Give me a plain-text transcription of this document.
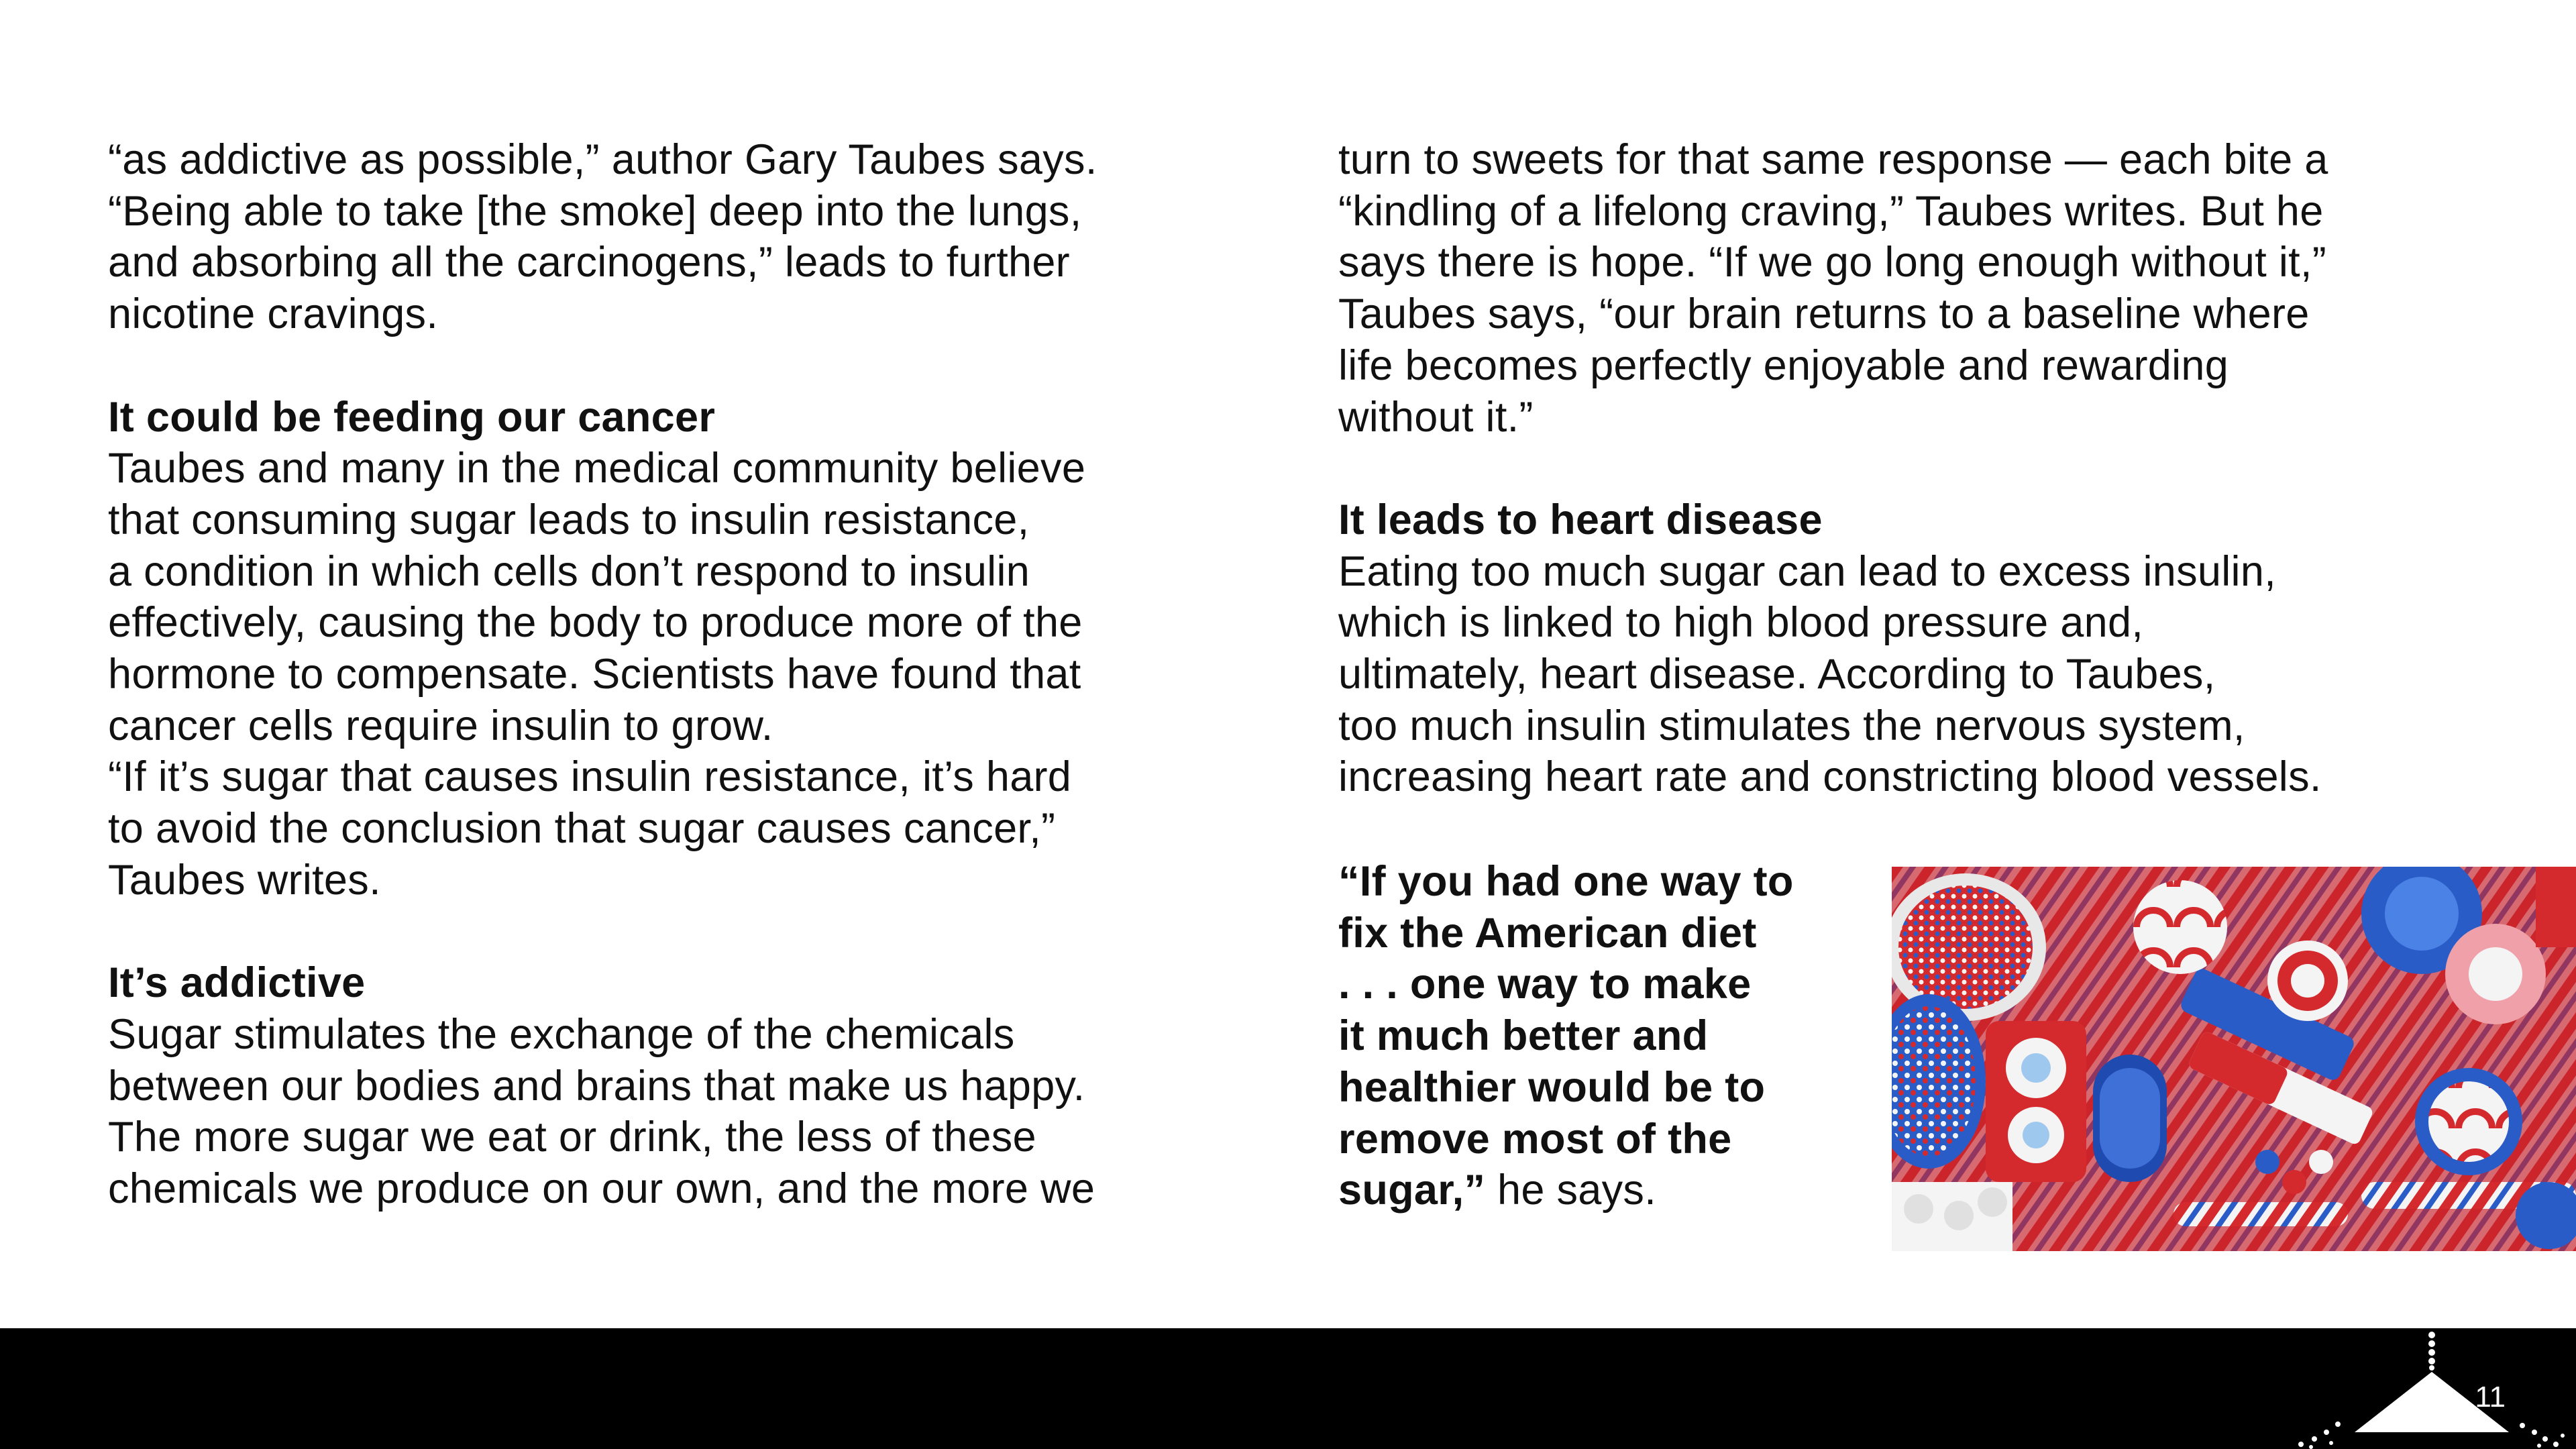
“as addictive as possible,” author Gary Taubes says.
“Being able to take [the smoke] deep into the lungs,
and absorbing all the carcinogens,” leads to further
nicotine cravings.
It could be feeding our cancer
Taubes and many in the medical community believe
that consuming sugar leads to insulin resistance,
a condition in which cells don’t respond to insulin
effectively, causing the body to produce more of the
hormone to compensate. Scientists have found that
cancer cells require insulin to grow.
“If it’s sugar that causes insulin resistance, it’s hard
to avoid the conclusion that sugar causes cancer,”
Taubes writes.
It’s addictive
Sugar stimulates the exchange of the chemicals
between our bodies and brains that make us happy.
The more sugar we eat or drink, the less of these
chemicals we produce on our own, and the more we
turn to sweets for that same response — each bite a
“kindling of a lifelong craving,” Taubes writes. But he
says there is hope. “If we go long enough without it,”
Taubes says, “our brain returns to a baseline where
life becomes perfectly enjoyable and rewarding
without it.”
It leads to heart disease
Eating too much sugar can lead to excess insulin,
which is linked to high blood pressure and,
ultimately, heart disease. According to Taubes,
too much insulin stimulates the nervous system,
increasing heart rate and constricting blood vessels.
“If you had one way to
fix the American diet
. . . one way to make
it much better and
healthier would be to
remove most of the
sugar,” he says.
11
